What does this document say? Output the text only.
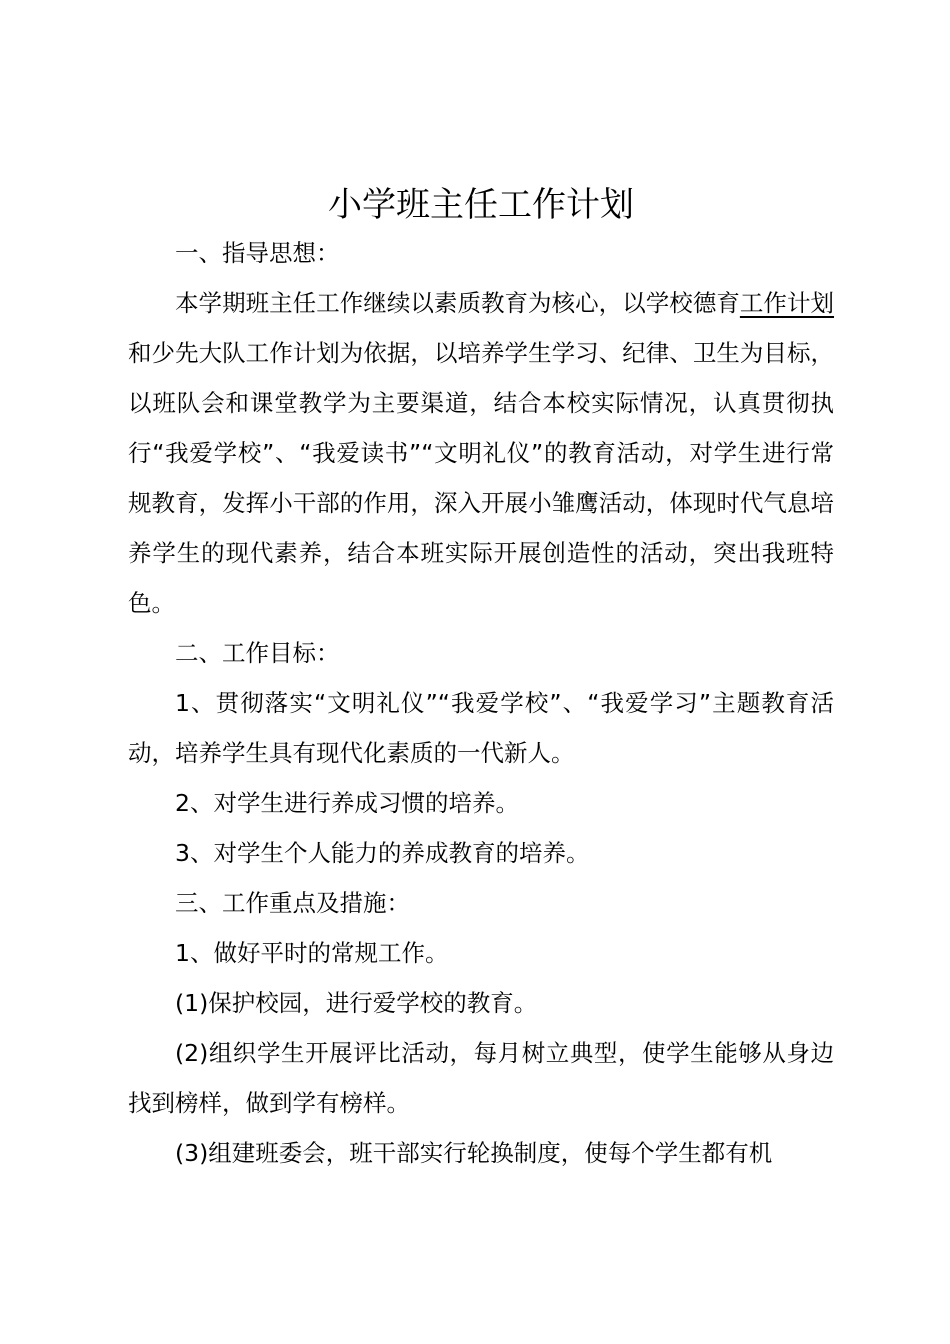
小学班主任工作计划

一、指导思想：

本学期班主任工作继续以素质教育为核心，以学校德育工作计划和少先大队工作计划为依据，以培养学生学习、纪律、卫生为目标，以班队会和课堂教学为主要渠道，结合本校实际情况，认真贯彻执行“我爱学校”、“我爱读书”“文明礼仪”的教育活动，对学生进行常规教育，发挥小干部的作用，深入开展小雏鹰活动，体现时代气息培养学生的现代素养，结合本班实际开展创造性的活动，突出我班特色。

二、工作目标：

1、贯彻落实“文明礼仪”“我爱学校”、“我爱学习”主题教育活动，培养学生具有现代化素质的一代新人。

2、对学生进行养成习惯的培养。

3、对学生个人能力的养成教育的培养。

三、工作重点及措施：

1、做好平时的常规工作。

(1)保护校园，进行爱学校的教育。

(2)组织学生开展评比活动，每月树立典型，使学生能够从身边找到榜样，做到学有榜样。

(3)组建班委会，班干部实行轮换制度，使每个学生都有机
